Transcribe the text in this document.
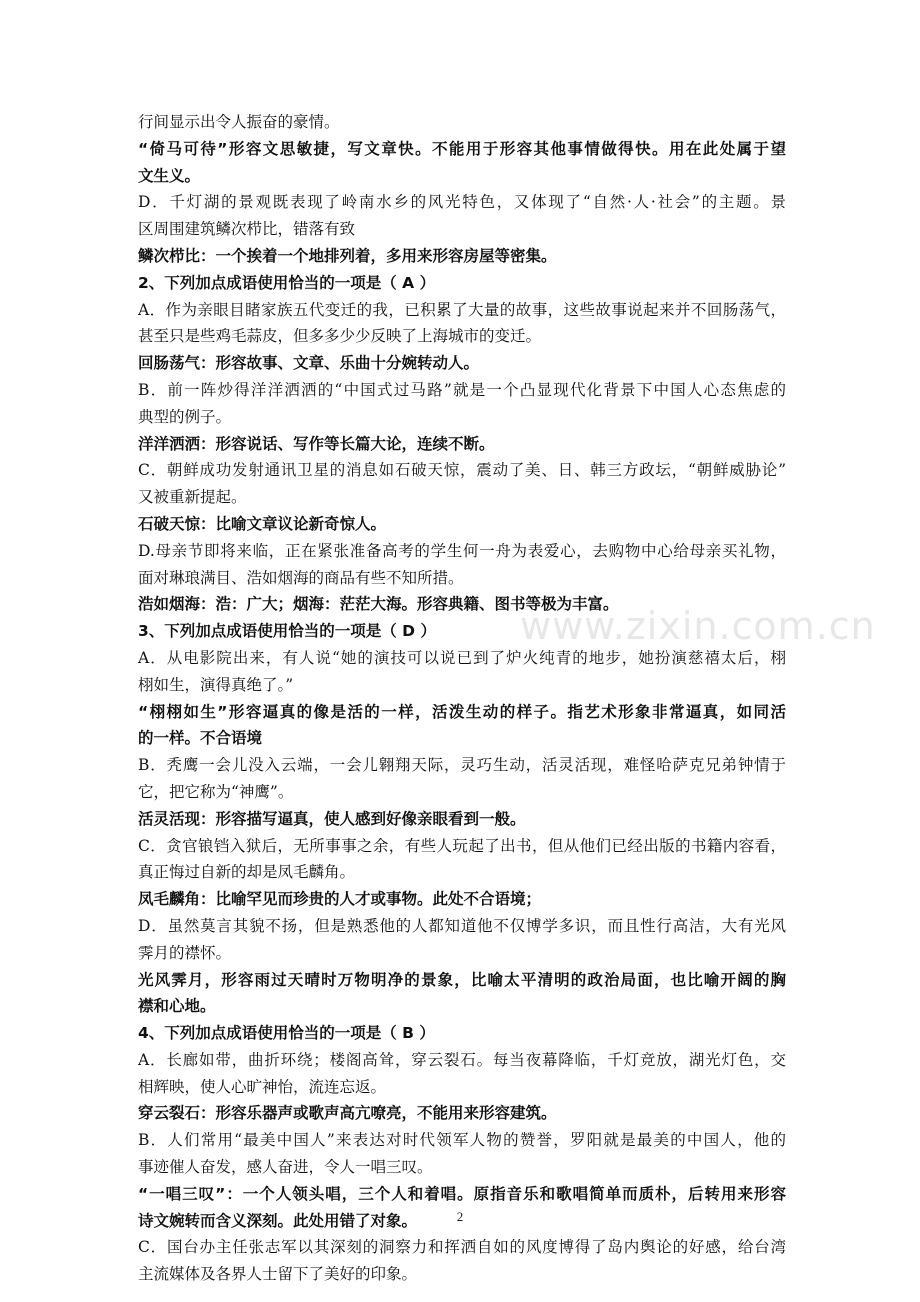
行间显示出令人振奋的豪情。
“倚马可待”形容文思敏捷，写文章快。不能用于形容其他事情做得快。用在此处属于望
文生义。
D．千灯湖的景观既表现了岭南水乡的风光特色，又体现了“自然·人·社会”的主题。景
区周围建筑鳞次栉比，错落有致
鳞次栉比：一个挨着一个地排列着，多用来形容房屋等密集。
2、下列加点成语使用恰当的一项是（ A ）
A．作为亲眼目睹家族五代变迁的我，已积累了大量的故事，这些故事说起来并不回肠荡气，
甚至只是些鸡毛蒜皮，但多多少少反映了上海城市的变迁。
回肠荡气：形容故事、文章、乐曲十分婉转动人。
B．前一阵炒得洋洋洒洒的“中国式过马路”就是一个凸显现代化背景下中国人心态焦虑的
典型的例子。
洋洋洒洒：形容说话、写作等长篇大论，连续不断。
C．朝鲜成功发射通讯卫星的消息如石破天惊，震动了美、日、韩三方政坛，“朝鲜威胁论”
又被重新提起。
石破天惊：比喻文章议论新奇惊人。
D.母亲节即将来临，正在紧张准备高考的学生何一舟为表爱心，去购物中心给母亲买礼物，
面对琳琅满目、浩如烟海的商品有些不知所措。
浩如烟海：浩：广大；烟海：茫茫大海。形容典籍、图书等极为丰富。
3、下列加点成语使用恰当的一项是（ D ）
A．从电影院出来，有人说“她的演技可以说已到了炉火纯青的地步，她扮演慈禧太后，栩
栩如生，演得真绝了。”
“栩栩如生”形容逼真的像是活的一样，活泼生动的样子。指艺术形象非常逼真，如同活
的一样。不合语境
B．秃鹰一会儿没入云端，一会儿翱翔天际，灵巧生动，活灵活现，难怪哈萨克兄弟钟情于
它，把它称为“神鹰”。
活灵活现：形容描写逼真，使人感到好像亲眼看到一般。
C．贪官锒铛入狱后，无所事事之余，有些人玩起了出书，但从他们已经出版的书籍内容看，
真正悔过自新的却是凤毛麟角。
凤毛麟角：比喻罕见而珍贵的人才或事物。此处不合语境；
D．虽然莫言其貌不扬，但是熟悉他的人都知道他不仅博学多识，而且性行高洁，大有光风
霁月的襟怀。
光风霁月，形容雨过天晴时万物明净的景象，比喻太平清明的政治局面，也比喻开阔的胸
襟和心地。
4、下列加点成语使用恰当的一项是（ B ）
A．长廊如带，曲折环绕；楼阁高耸，穿云裂石。每当夜幕降临，千灯竞放，湖光灯色，交
相辉映，使人心旷神怡，流连忘返。
穿云裂石：形容乐器声或歌声高亢嘹亮，不能用来形容建筑。
B．人们常用“最美中国人”来表达对时代领军人物的赞誉，罗阳就是最美的中国人，他的
事迹催人奋发，感人奋进，令人一唱三叹。
“一唱三叹”：一个人领头唱，三个人和着唱。原指音乐和歌唱简单而质朴，后转用来形容
诗文婉转而含义深刻。此处用错了对象。
C．国台办主任张志军以其深刻的洞察力和挥洒自如的风度博得了岛内舆论的好感，给台湾
主流媒体及各界人士留下了美好的印象。
www.zixin.com.cn
2
